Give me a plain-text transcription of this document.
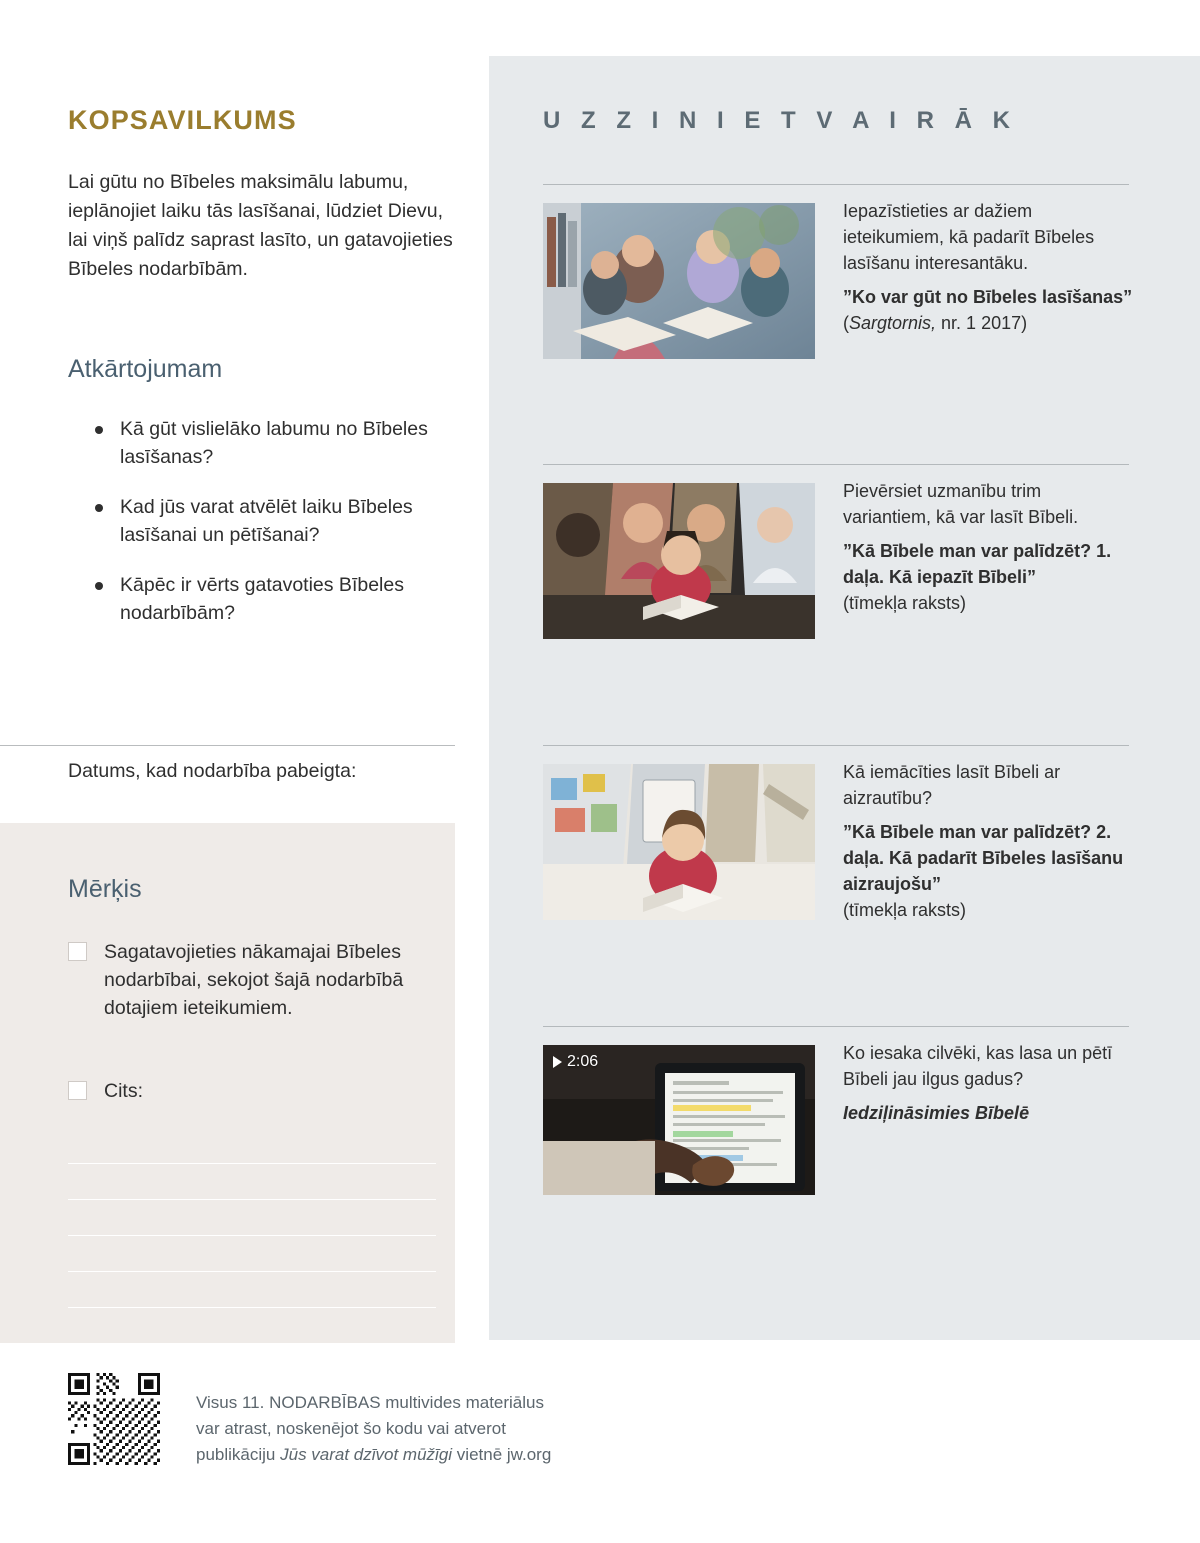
KOPSAVILKUMS
Lai gūtu no Bībeles maksimālu labumu, ieplānojiet laiku tās lasīšanai, lūdziet Dievu, lai viņš palīdz saprast lasīto, un gatavojieties Bībeles nodarbībām.
Atkārtojumam
Kā gūt vislielāko labumu no Bībeles lasīšanas?
Kad jūs varat atvēlēt laiku Bībeles lasīšanai un pētīšanai?
Kāpēc ir vērts gatavoties Bībeles nodarbībām?
Datums, kad nodarbība pabeigta:
Mērķis
Sagatavojieties nākamajai Bībeles nodarbībai, sekojot šajā nodarbībā dotajiem ieteikumiem.
Cits:
U Z Z I N I E T V A I R Ā K

Iepazīstieties ar dažiem ieteikumiem, kā padarīt Bībeles lasīšanu interesantāku.

”Ko var gūt no Bībeles lasīšanas”

(Sargtornis, nr. 1 2017)

Pievērsiet uzmanību trim variantiem, kā var lasīt Bībeli.

”Kā Bībele man var palīdzēt? 1. daļa. Kā iepazīt Bībeli”

(tīmekļa raksts)

Kā iemācīties lasīt Bībeli ar aizrautību?

”Kā Bībele man var palīdzēt? 2. daļa. Kā padarīt Bībeles lasīšanu aizraujošu”

(tīmekļa raksts)

2:06	Ko iesaka cilvēki, kas lasa un pētī Bībeli jau ilgus gadus?

Iedziļināsimies Bībelē

Visus 11. NODARBĪBAS multivides materiālus
var atrast, noskenējot šo kodu vai atverot
publikāciju Jūs varat dzīvot mūžīgi vietnē jw.org
